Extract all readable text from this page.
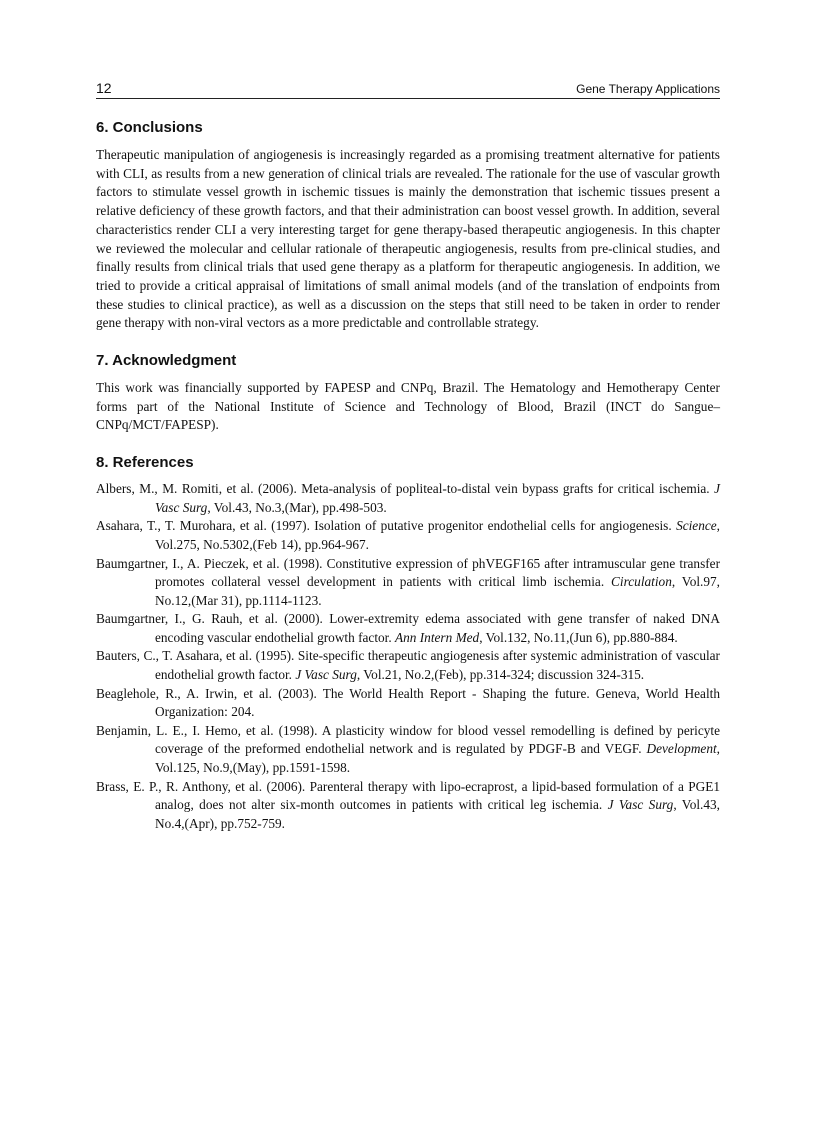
12	Gene Therapy Applications
6. Conclusions

Therapeutic manipulation of angiogenesis is increasingly regarded as a promising treatment alternative for patients with CLI, as results from a new generation of clinical trials are revealed. The rationale for the use of vascular growth factors to stimulate vessel growth in ischemic tissues is mainly the demonstration that ischemic tissues present a relative deficiency of these growth factors, and that their administration can boost vessel growth. In addition, several characteristics render CLI a very interesting target for gene therapy-based therapeutic angiogenesis. In this chapter we reviewed the molecular and cellular rationale of therapeutic angiogenesis, results from pre-clinical studies, and finally results from clinical trials that used gene therapy as a platform for therapeutic angiogenesis. In addition, we tried to provide a critical appraisal of limitations of small animal models (and of the translation of endpoints from these studies to clinical practice), as well as a discussion on the steps that still need to be taken in order to render gene therapy with non-viral vectors as a more predictable and controllable strategy.

7. Acknowledgment

This work was financially supported by FAPESP and CNPq, Brazil. The Hematology and Hemotherapy Center forms part of the National Institute of Science and Technology of Blood, Brazil (INCT do Sangue–CNPq/MCT/FAPESP).

8. References
Albers, M., M. Romiti, et al. (2006). Meta-analysis of popliteal-to-distal vein bypass grafts for critical ischemia. J Vasc Surg, Vol.43, No.3,(Mar), pp.498-503.
Asahara, T., T. Murohara, et al. (1997). Isolation of putative progenitor endothelial cells for angiogenesis. Science, Vol.275, No.5302,(Feb 14), pp.964-967.
Baumgartner, I., A. Pieczek, et al. (1998). Constitutive expression of phVEGF165 after intramuscular gene transfer promotes collateral vessel development in patients with critical limb ischemia. Circulation, Vol.97, No.12,(Mar 31), pp.1114-1123.
Baumgartner, I., G. Rauh, et al. (2000). Lower-extremity edema associated with gene transfer of naked DNA encoding vascular endothelial growth factor. Ann Intern Med, Vol.132, No.11,(Jun 6), pp.880-884.
Bauters, C., T. Asahara, et al. (1995). Site-specific therapeutic angiogenesis after systemic administration of vascular endothelial growth factor. J Vasc Surg, Vol.21, No.2,(Feb), pp.314-324; discussion 324-315.
Beaglehole, R., A. Irwin, et al. (2003). The World Health Report - Shaping the future. Geneva, World Health Organization: 204.
Benjamin, L. E., I. Hemo, et al. (1998). A plasticity window for blood vessel remodelling is defined by pericyte coverage of the preformed endothelial network and is regulated by PDGF-B and VEGF. Development, Vol.125, No.9,(May), pp.1591-1598.
Brass, E. P., R. Anthony, et al. (2006). Parenteral therapy with lipo-ecraprost, a lipid-based formulation of a PGE1 analog, does not alter six-month outcomes in patients with critical leg ischemia. J Vasc Surg, Vol.43, No.4,(Apr), pp.752-759.
